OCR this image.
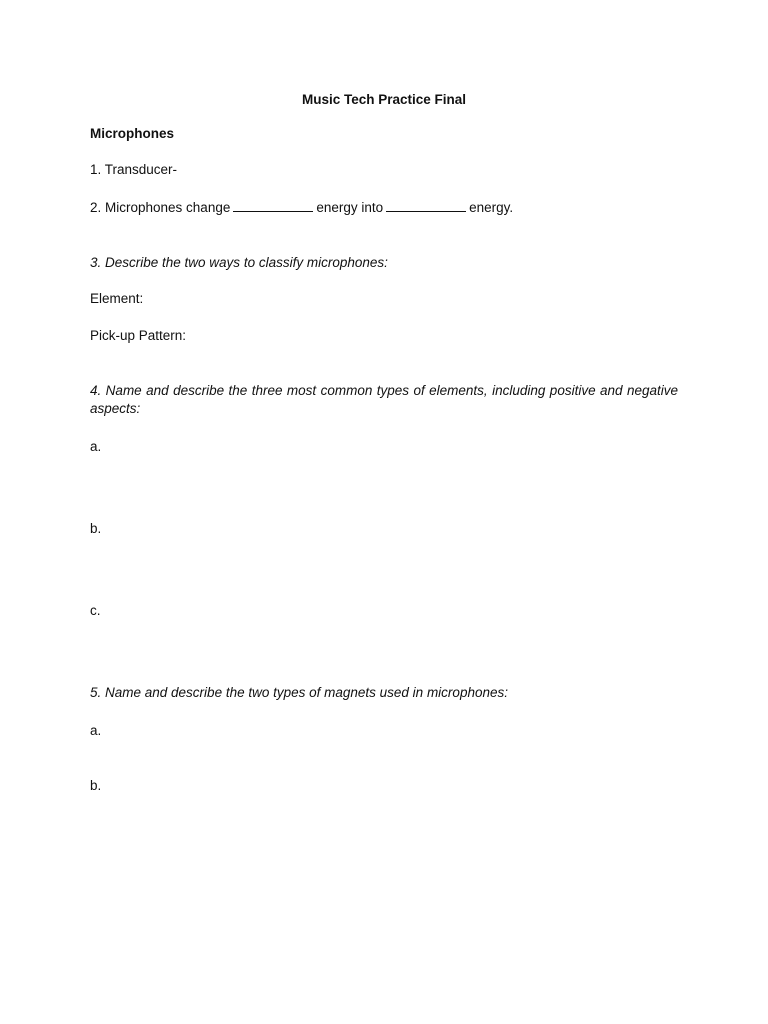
Music Tech Practice Final
Microphones
1. Transducer-
2. Microphones change	energy into	energy.
3. Describe the two ways to classify microphones:
Element:
Pick-up Pattern:
4. Name and describe the three most common types of elements, including positive and negative aspects:
a.
b.
c.
5. Name and describe the two types of magnets used in microphones:
a.
b.
